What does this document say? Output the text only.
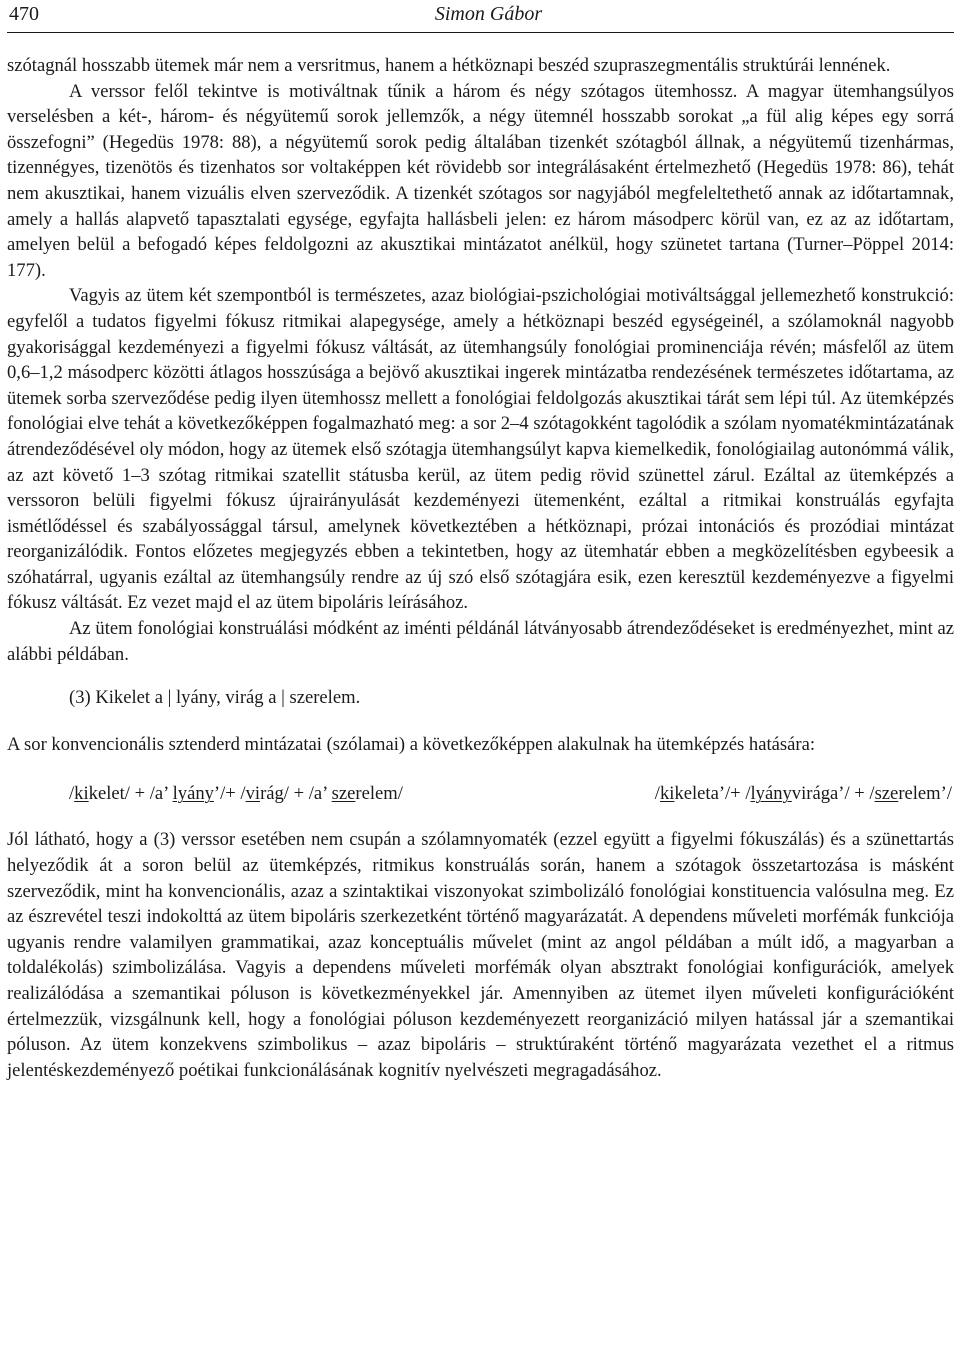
470	Simon Gábor

szótagnál hosszabb ütemek már nem a versritmus, hanem a hétköznapi beszéd szupraszegmentális struktúrái lennének.

A verssor felől tekintve is motiváltnak tűnik a három és négy szótagos ütemhossz. A magyar ütemhangsúlyos verselésben a két-, három- és négyütemű sorok jellemzők, a négy ütemnél hosszabb sorokat „a fül alig képes egy sorrá összefogni” (Hegedüs 1978: 88), a négyütemű sorok pedig általában tizenkét szótagból állnak, a négyütemű tizenhármas, tizennégyes, tizenötös és tizenhatos sor voltaképpen két rövidebb sor integrálásaként értelmezhető (Hegedüs 1978: 86), tehát nem akusztikai, hanem vizuális elven szerveződik. A tizenkét szótagos sor nagyjából megfeleltethető annak az időtartamnak, amely a hallás alapvető tapasztalati egysége, egyfajta hallásbeli jelen: ez három másodperc körül van, ez az az időtartam, amelyen belül a befogadó képes feldolgozni az akusztikai mintázatot anélkül, hogy szünetet tartana (Turner–Pöppel 2014: 177).

Vagyis az ütem két szempontból is természetes, azaz biológiai-pszichológiai motiváltsággal jellemezhető konstrukció: egyfelől a tudatos figyelmi fókusz ritmikai alapegysége, amely a hétköznapi beszéd egységeinél, a szólamoknál nagyobb gyakorisággal kezdeményezi a figyelmi fókusz váltását, az ütemhangsúly fonológiai prominenciája révén; másfelől az ütem 0,6–1,2 másodperc közötti átlagos hosszúsága a bejövő akusztikai ingerek mintázatba rendezésének természetes időtartama, az ütemek sorba szerveződése pedig ilyen ütemhossz mellett a fonológiai feldolgozás akusztikai tárát sem lépi túl. Az ütemképzés fonológiai elve tehát a következőképpen fogalmazható meg: a sor 2–4 szótagokként tagolódik a szólam nyomatékmintázatának átrendeződésével oly módon, hogy az ütemek első szótagja ütemhangsúlyt kapva kiemelkedik, fonológiailag autonómmá válik, az azt követő 1–3 szótag ritmikai szatellit státusba kerül, az ütem pedig rövid szünettel zárul. Ezáltal az ütemképzés a verssoron belüli figyelmi fókusz újrairányulását kezdeményezi ütemenként, ezáltal a ritmikai konstruálás egyfajta ismétlődéssel és szabályossággal társul, amelynek következtében a hétköznapi, prózai intonációs és prozódiai mintázat reorganizálódik. Fontos előzetes megjegyzés ebben a tekintetben, hogy az ütemhatár ebben a megközelítésben egybeesik a szóhatárral, ugyanis ezáltal az ütemhangsúly rendre az új szó első szótagjára esik, ezen keresztül kezdeményezve a figyelmi fókusz váltását. Ez vezet majd el az ütem bipoláris leírásához.

Az ütem fonológiai konstruálási módként az iménti példánál látványosabb átrendeződéseket is eredményezhet, mint az alábbi példában.

(3) Kikelet a | lyány, virág a | szerelem.

A sor konvencionális sztenderd mintázatai (szólamai) a következőképpen alakulnak ha ütemképzés hatására:

/kikelet/ + /a’ lyány’/+ /virág/ + /a’ szerelem/	/kikeleta’/+ /lyányvirága’/ + /szerelem’/

Jól látható, hogy a (3) verssor esetében nem csupán a szólamnyomaték (ezzel együtt a figyelmi fókuszálás) és a szünettartás helyeződik át a soron belül az ütemképzés, ritmikus konstruálás során, hanem a szótagok összetartozása is másként szerveződik, mint ha konvencionális, azaz a szintaktikai viszonyokat szimbolizáló fonológiai konstituencia valósulna meg. Ez az észrevétel teszi indokolttá az ütem bipoláris szerkezetként történő magyarázatát. A dependens műveleti morfémák funkciója ugyanis rendre valamilyen grammatikai, azaz konceptuális művelet (mint az angol példában a múlt idő, a magyarban a toldalékolás) szimbolizálása. Vagyis a dependens műveleti morfémák olyan absztrakt fonológiai konfigurációk, amelyek realizálódása a szemantikai póluson is következményekkel jár. Amennyiben az ütemet ilyen műveleti konfigurációként értelmezzük, vizsgálnunk kell, hogy a fonológiai póluson kezdeményezett reorganizáció milyen hatással jár a szemantikai póluson. Az ütem konzekvens szimbolikus – azaz bipoláris – struktúraként történő magyarázata vezethet el a ritmus jelentéskezdeményező poétikai funkcionálásának kognitív nyelvészeti megragadásához.
